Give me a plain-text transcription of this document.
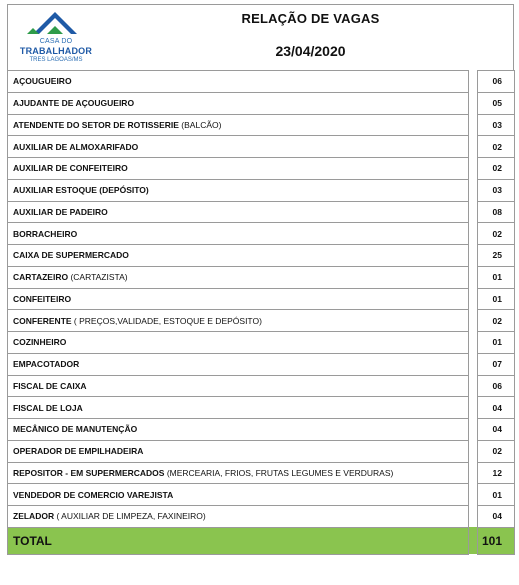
CASA DO
TRABALHADOR
TRES LAGOAS/MS
RELAÇÃO DE VAGAS
23/04/2020
AÇOUGUEIRO		06
AJUDANTE DE AÇOUGUEIRO		05
ATENDENTE DO SETOR DE ROTISSERIE (BALCÃO)		03
AUXILIAR DE ALMOXARIFADO		02
AUXILIAR DE CONFEITEIRO		02
AUXILIAR ESTOQUE (DEPÓSITO)		03
AUXILIAR DE PADEIRO		08
BORRACHEIRO		02
CAIXA DE SUPERMERCADO		25
CARTAZEIRO (CARTAZISTA)		01
CONFEITEIRO		01
CONFERENTE ( PREÇOS,VALIDADE, ESTOQUE E DEPÓSITO)		02
COZINHEIRO		01
EMPACOTADOR		07
FISCAL DE CAIXA		06
FISCAL DE LOJA		04
MECÂNICO DE MANUTENÇÃO		04
OPERADOR DE EMPILHADEIRA		02
REPOSITOR - EM SUPERMERCADOS (MERCEARIA, FRIOS, FRUTAS LEGUMES E VERDURAS)		12
VENDEDOR DE COMERCIO VAREJISTA		01
ZELADOR ( AUXILIAR DE LIMPEZA, FAXINEIRO)		04
TOTAL		101
